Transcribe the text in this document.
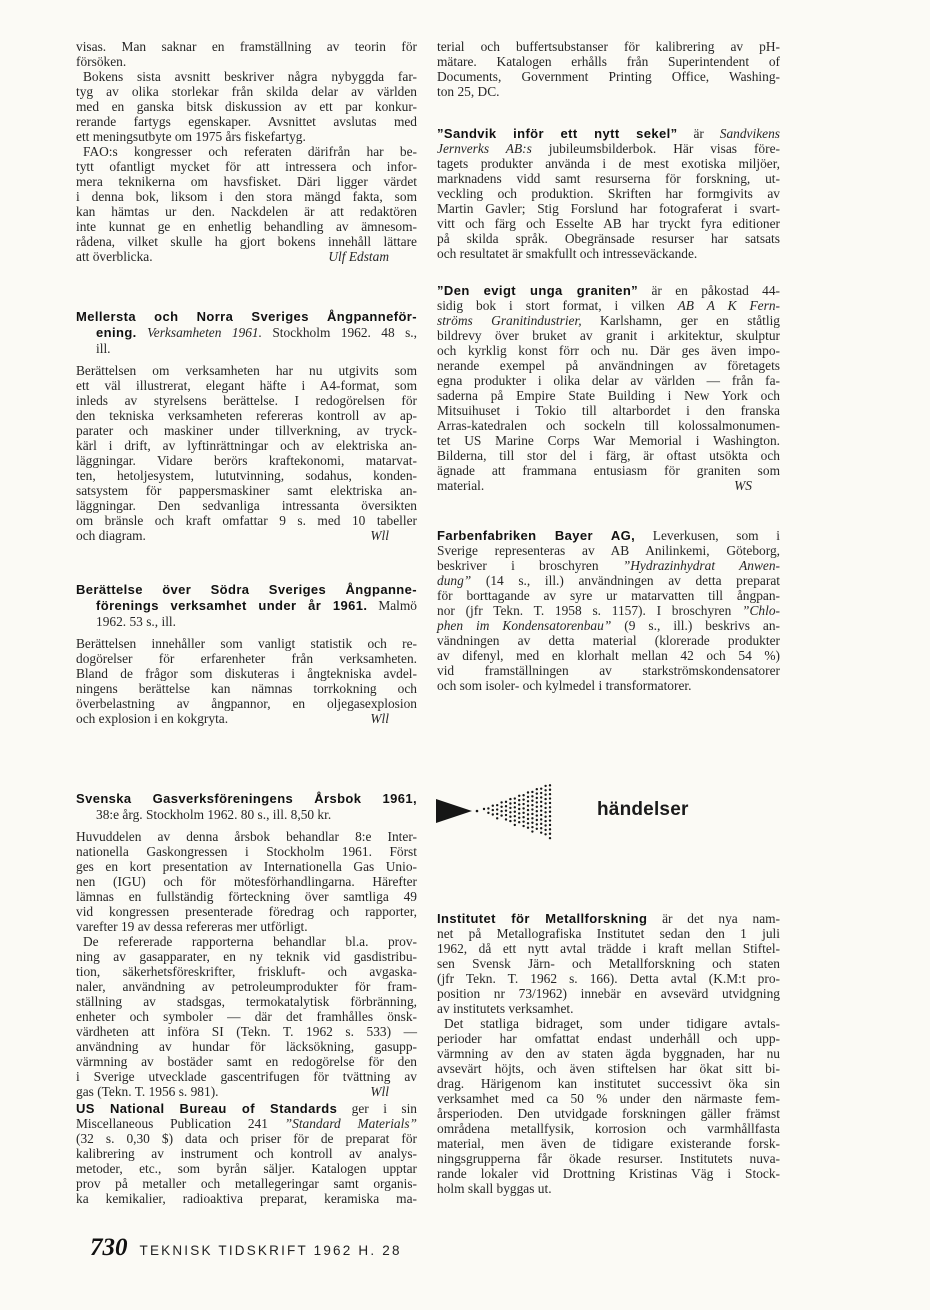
visas. Man saknar en framställning av teorin för
försöken.
Bokens sista avsnitt beskriver några nybyggda far-
tyg av olika storlekar från skilda delar av världen
med en ganska bitsk diskussion av ett par konkur-
rerande fartygs egenskaper. Avsnittet avslutas med
ett meningsutbyte om 1975 års fiskefartyg.
FAO:s kongresser och referaten därifrån har be-
tytt ofantligt mycket för att intressera och infor-
mera teknikerna om havsfisket. Däri ligger värdet
i denna bok, liksom i den stora mängd fakta, som
kan hämtas ur den. Nackdelen är att redaktören
inte kunnat ge en enhetlig behandling av ämnesom-
rådena, vilket skulle ha gjort bokens innehåll lättare
att överblicka.	Ulf Edstam
Mellersta och Norra Sveriges Ångpanneför-
ening. Verksamheten 1961. Stockholm 1962. 48 s.,
ill.
Berättelsen om verksamheten har nu utgivits som
ett väl illustrerat, elegant häfte i A4-format, som
inleds av styrelsens berättelse. I redogörelsen för
den tekniska verksamheten refereras kontroll av ap-
parater och maskiner under tillverkning, av tryck-
kärl i drift, av lyftinrättningar och av elektriska an-
läggningar. Vidare berörs kraftekonomi, matarvat-
ten, hetoljesystem, lututvinning, sodahus, konden-
satsystem för pappersmaskiner samt elektriska an-
läggningar. Den sedvanliga intressanta översikten
om bränsle och kraft omfattar 9 s. med 10 tabeller
och diagram.	Wll
Berättelse över Södra Sveriges Ångpanne-
förenings verksamhet under år 1961. Malmö
1962. 53 s., ill.
Berättelsen innehåller som vanligt statistik och re-
dogörelser för erfarenheter från verksamheten.
Bland de frågor som diskuteras i ångtekniska avdel-
ningens berättelse kan nämnas torrkokning och
överbelastning av ångpannor, en oljegasexplosion
och explosion i en kokgryta.	Wll
Svenska Gasverksföreningens Årsbok 1961,
38:e årg. Stockholm 1962. 80 s., ill. 8,50 kr.
Huvuddelen av denna årsbok behandlar 8:e Inter-
nationella Gaskongressen i Stockholm 1961. Först
ges en kort presentation av Internationella Gas Unio-
nen (IGU) och för mötesförhandlingarna. Härefter
lämnas en fullständig förteckning över samtliga 49
vid kongressen presenterade föredrag och rapporter,
varefter 19 av dessa refereras mer utförligt.
De refererade rapporterna behandlar bl.a. prov-
ning av gasapparater, en ny teknik vid gasdistribu-
tion, säkerhetsföreskrifter, friskluft- och avgaska-
naler, användning av petroleumprodukter för fram-
ställning av stadsgas, termokatalytisk förbränning,
enheter och symboler — där det framhålles önsk-
värdheten att införa SI (Tekn. T. 1962 s. 533) —
användning av hundar för läcksökning, gasupp-
värmning av bostäder samt en redogörelse för den
i Sverige utvecklade gascentrifugen för tvättning av
gas (Tekn. T. 1956 s. 981).	Wll
US National Bureau of Standards ger i sin
Miscellaneous Publication 241 ”Standard Materials”
(32 s. 0,30 $) data och priser för de preparat för
kalibrering av instrument och kontroll av analys-
metoder, etc., som byrån säljer. Katalogen upptar
prov på metaller och metallegeringar samt organis-
ka kemikalier, radioaktiva preparat, keramiska ma-
terial och buffertsubstanser för kalibrering av pH-
mätare. Katalogen erhålls från Superintendent of
Documents, Government Printing Office, Washing-
ton 25, DC.
”Sandvik inför ett nytt sekel” är Sandvikens
Jernverks AB:s jubileumsbilderbok. Här visas före-
tagets produkter använda i de mest exotiska miljöer,
marknadens vidd samt resurserna för forskning, ut-
veckling och produktion. Skriften har formgivits av
Martin Gavler; Stig Forslund har fotograferat i svart-
vitt och färg och Esselte AB har tryckt fyra editioner
på skilda språk. Obegränsade resurser har satsats
och resultatet är smakfullt och intresseväckande.
”Den evigt unga graniten” är en påkostad 44-
sidig bok i stort format, i vilken AB A K Fern-
ströms Granitindustrier, Karlshamn, ger en ståtlig
bildrevy över bruket av granit i arkitektur, skulptur
och kyrklig konst förr och nu. Där ges även impo-
nerande exempel på användningen av företagets
egna produkter i olika delar av världen — från fa-
saderna på Empire State Building i New York och
Mitsuihuset i Tokio till altarbordet i den franska
Arras-katedralen och sockeln till kolossalmonumen-
tet US Marine Corps War Memorial i Washington.
Bilderna, till stor del i färg, är oftast utsökta och
ägnade att frammana entusiasm för graniten som
material.	WS
Farbenfabriken Bayer AG, Leverkusen, som i
Sverige representeras av AB Anilinkemi, Göteborg,
beskriver i broschyren ”Hydrazinhydrat Anwen-
dung” (14 s., ill.) användningen av detta preparat
för borttagande av syre ur matarvatten till ångpan-
nor (jfr Tekn. T. 1958 s. 1157). I broschyren ”Chlo-
phen im Kondensatorenbau” (9 s., ill.) beskrivs an-
vändningen av detta material (klorerade produkter
av difenyl, med en klorhalt mellan 42 och 54 %)
vid framställningen av starkströmskondensatorer
och som isoler- och kylmedel i transformatorer.
Institutet för Metallforskning är det nya nam-
net på Metallografiska Institutet sedan den 1 juli
1962, då ett nytt avtal trädde i kraft mellan Stiftel-
sen Svensk Järn- och Metallforskning och staten
(jfr Tekn. T. 1962 s. 166). Detta avtal (K.M:t pro-
position nr 73/1962) innebär en avsevärd utvidgning
av institutets verksamhet.
Det statliga bidraget, som under tidigare avtals-
perioder har omfattat endast underhåll och upp-
värmning av den av staten ägda byggnaden, har nu
avsevärt höjts, och även stiftelsen har ökat sitt bi-
drag. Härigenom kan institutet successivt öka sin
verksamhet med ca 50 % under den närmaste fem-
årsperioden. Den utvidgade forskningen gäller främst
områdena metallfysik, korrosion och varmhållfasta
material, men även de tidigare existerande forsk-
ningsgrupperna får ökade resurser. Institutets nuva-
rande lokaler vid Drottning Kristinas Väg i Stock-
holm skall byggas ut.
händelser
730 TEKNISK TIDSKRIFT 1962 H. 28
